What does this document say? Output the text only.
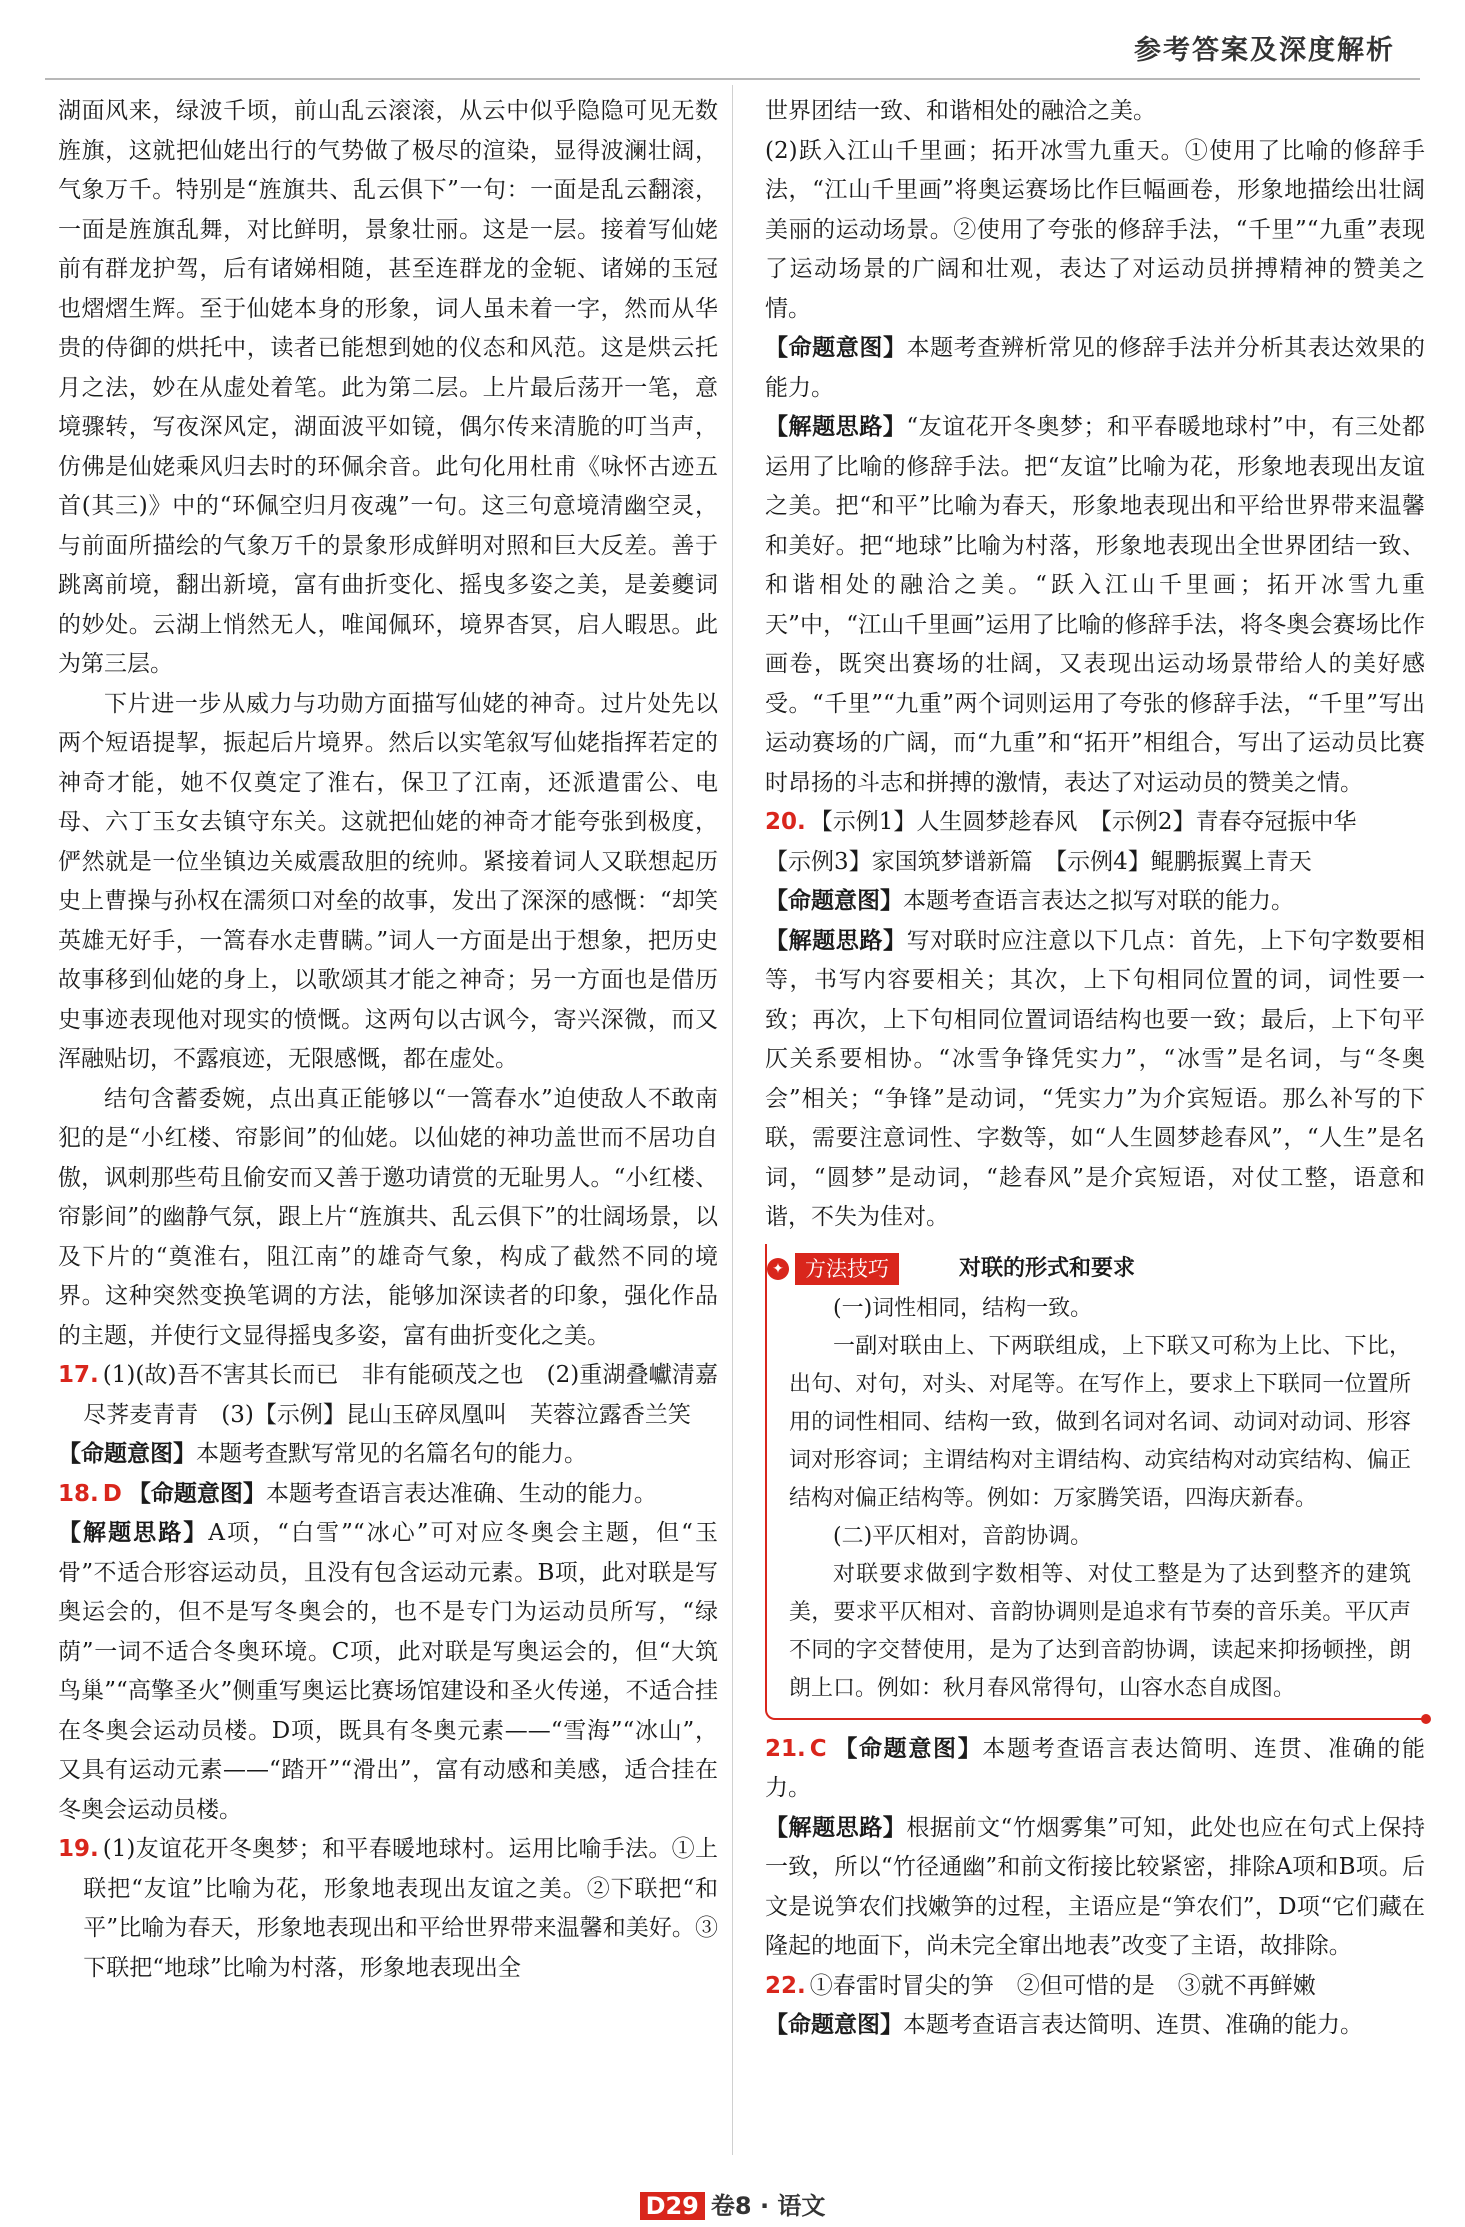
参考答案及深度解析

湖面风来，绿波千顷，前山乱云滚滚，从云中似乎隐隐可见无数旌旗，这就把仙姥出行的气势做了极尽的渲染，显得波澜壮阔，气象万千。特别是“旌旗共、乱云俱下”一句：一面是乱云翻滚，一面是旌旗乱舞，对比鲜明，景象壮丽。这是一层。接着写仙姥前有群龙护驾，后有诸娣相随，甚至连群龙的金轭、诸娣的玉冠也熠熠生辉。至于仙姥本身的形象，词人虽未着一字，然而从华贵的侍御的烘托中，读者已能想到她的仪态和风范。这是烘云托月之法，妙在从虚处着笔。此为第二层。上片最后荡开一笔，意境骤转，写夜深风定，湖面波平如镜，偶尔传来清脆的叮当声，仿佛是仙姥乘风归去时的环佩余音。此句化用杜甫《咏怀古迹五首(其三)》中的“环佩空归月夜魂”一句。这三句意境清幽空灵，与前面所描绘的气象万千的景象形成鲜明对照和巨大反差。善于跳离前境，翻出新境，富有曲折变化、摇曳多姿之美，是姜夔词的妙处。云湖上悄然无人，唯闻佩环，境界杳冥，启人暇思。此为第三层。

下片进一步从威力与功勋方面描写仙姥的神奇。过片处先以两个短语提挈，振起后片境界。然后以实笔叙写仙姥指挥若定的神奇才能，她不仅奠定了淮右，保卫了江南，还派遣雷公、电母、六丁玉女去镇守东关。这就把仙姥的神奇才能夸张到极度，俨然就是一位坐镇边关威震敌胆的统帅。紧接着词人又联想起历史上曹操与孙权在濡须口对垒的故事，发出了深深的感慨：“却笑英雄无好手，一篙春水走曹瞒。”词人一方面是出于想象，把历史故事移到仙姥的身上，以歌颂其才能之神奇；另一方面也是借历史事迹表现他对现实的愤慨。这两句以古讽今，寄兴深微，而又浑融贴切，不露痕迹，无限感慨，都在虚处。

结句含蓄委婉，点出真正能够以“一篙春水”迫使敌人不敢南犯的是“小红楼、帘影间”的仙姥。以仙姥的神功盖世而不居功自傲，讽刺那些苟且偷安而又善于邀功请赏的无耻男人。“小红楼、帘影间”的幽静气氛，跟上片“旌旗共、乱云俱下”的壮阔场景，以及下片的“奠淮右，阻江南”的雄奇气象，构成了截然不同的境界。这种突然变换笔调的方法，能够加深读者的印象，强化作品的主题，并使行文显得摇曳多姿，富有曲折变化之美。

17. (1)(故)吾不害其长而已　非有能硕茂之也　(2)重湖叠巘清嘉　尽荠麦青青　(3)【示例】昆山玉碎凤凰叫　芙蓉泣露香兰笑

【命题意图】本题考查默写常见的名篇名句的能力。

18. D 【命题意图】本题考查语言表达准确、生动的能力。

【解题思路】A项，“白雪”“冰心”可对应冬奥会主题，但“玉骨”不适合形容运动员，且没有包含运动元素。B项，此对联是写奥运会的，但不是写冬奥会的，也不是专门为运动员所写，“绿荫”一词不适合冬奥环境。C项，此对联是写奥运会的，但“大筑鸟巢”“高擎圣火”侧重写奥运比赛场馆建设和圣火传递，不适合挂在冬奥会运动员楼。D项，既具有冬奥元素——“雪海”“冰山”，又具有运动元素——“踏开”“滑出”，富有动感和美感，适合挂在冬奥会运动员楼。

19. (1)友谊花开冬奥梦；和平春暖地球村。运用比喻手法。①上联把“友谊”比喻为花，形象地表现出友谊之美。②下联把“和平”比喻为春天，形象地表现出和平给世界带来温馨和美好。③下联把“地球”比喻为村落，形象地表现出全

世界团结一致、和谐相处的融洽之美。

(2)跃入江山千里画；拓开冰雪九重天。①使用了比喻的修辞手法，“江山千里画”将奥运赛场比作巨幅画卷，形象地描绘出壮阔美丽的运动场景。②使用了夸张的修辞手法，“千里”“九重”表现了运动场景的广阔和壮观，表达了对运动员拼搏精神的赞美之情。

【命题意图】本题考查辨析常见的修辞手法并分析其表达效果的能力。

【解题思路】“友谊花开冬奥梦；和平春暖地球村”中，有三处都运用了比喻的修辞手法。把“友谊”比喻为花，形象地表现出友谊之美。把“和平”比喻为春天，形象地表现出和平给世界带来温馨和美好。把“地球”比喻为村落，形象地表现出全世界团结一致、和谐相处的融洽之美。“跃入江山千里画；拓开冰雪九重天”中，“江山千里画”运用了比喻的修辞手法，将冬奥会赛场比作画卷，既突出赛场的壮阔，又表现出运动场景带给人的美好感受。“千里”“九重”两个词则运用了夸张的修辞手法，“千里”写出运动赛场的广阔，而“九重”和“拓开”相组合，写出了运动员比赛时昂扬的斗志和拼搏的激情，表达了对运动员的赞美之情。

20. 【示例1】人生圆梦趁春风　【示例2】青春夺冠振中华

【示例3】家国筑梦谱新篇　【示例4】鲲鹏振翼上青天

【命题意图】本题考查语言表达之拟写对联的能力。

【解题思路】写对联时应注意以下几点：首先，上下句字数要相等，书写内容要相关；其次，上下句相同位置的词，词性要一致；再次，上下句相同位置词语结构也要一致；最后，上下句平仄关系要相协。“冰雪争锋凭实力”，“冰雪”是名词，与“冬奥会”相关；“争锋”是动词，“凭实力”为介宾短语。那么补写的下联，需要注意词性、字数等，如“人生圆梦趁春风”，“人生”是名词，“圆梦”是动词，“趁春风”是介宾短语，对仗工整，语意和谐，不失为佳对。

✦	方法技巧	对联的形式和要求

(一)词性相同，结构一致。

一副对联由上、下两联组成，上下联又可称为上比、下比，出句、对句，对头、对尾等。在写作上，要求上下联同一位置所用的词性相同、结构一致，做到名词对名词、动词对动词、形容词对形容词；主谓结构对主谓结构、动宾结构对动宾结构、偏正结构对偏正结构等。例如：万家腾笑语，四海庆新春。

(二)平仄相对，音韵协调。

对联要求做到字数相等、对仗工整是为了达到整齐的建筑美，要求平仄相对、音韵协调则是追求有节奏的音乐美。平仄声不同的字交替使用，是为了达到音韵协调，读起来抑扬顿挫，朗朗上口。例如：秋月春风常得句，山容水态自成图。

21. C 【命题意图】本题考查语言表达简明、连贯、准确的能力。

【解题思路】根据前文“竹烟雾集”可知，此处也应在句式上保持一致，所以“竹径通幽”和前文衔接比较紧密，排除A项和B项。后文是说笋农们找嫩笋的过程，主语应是“笋农们”，D项“它们藏在隆起的地面下，尚未完全窜出地表”改变了主语，故排除。

22. ①春雷时冒尖的笋　②但可惜的是　③就不再鲜嫩

【命题意图】本题考查语言表达简明、连贯、准确的能力。

D29 卷8 · 语文
